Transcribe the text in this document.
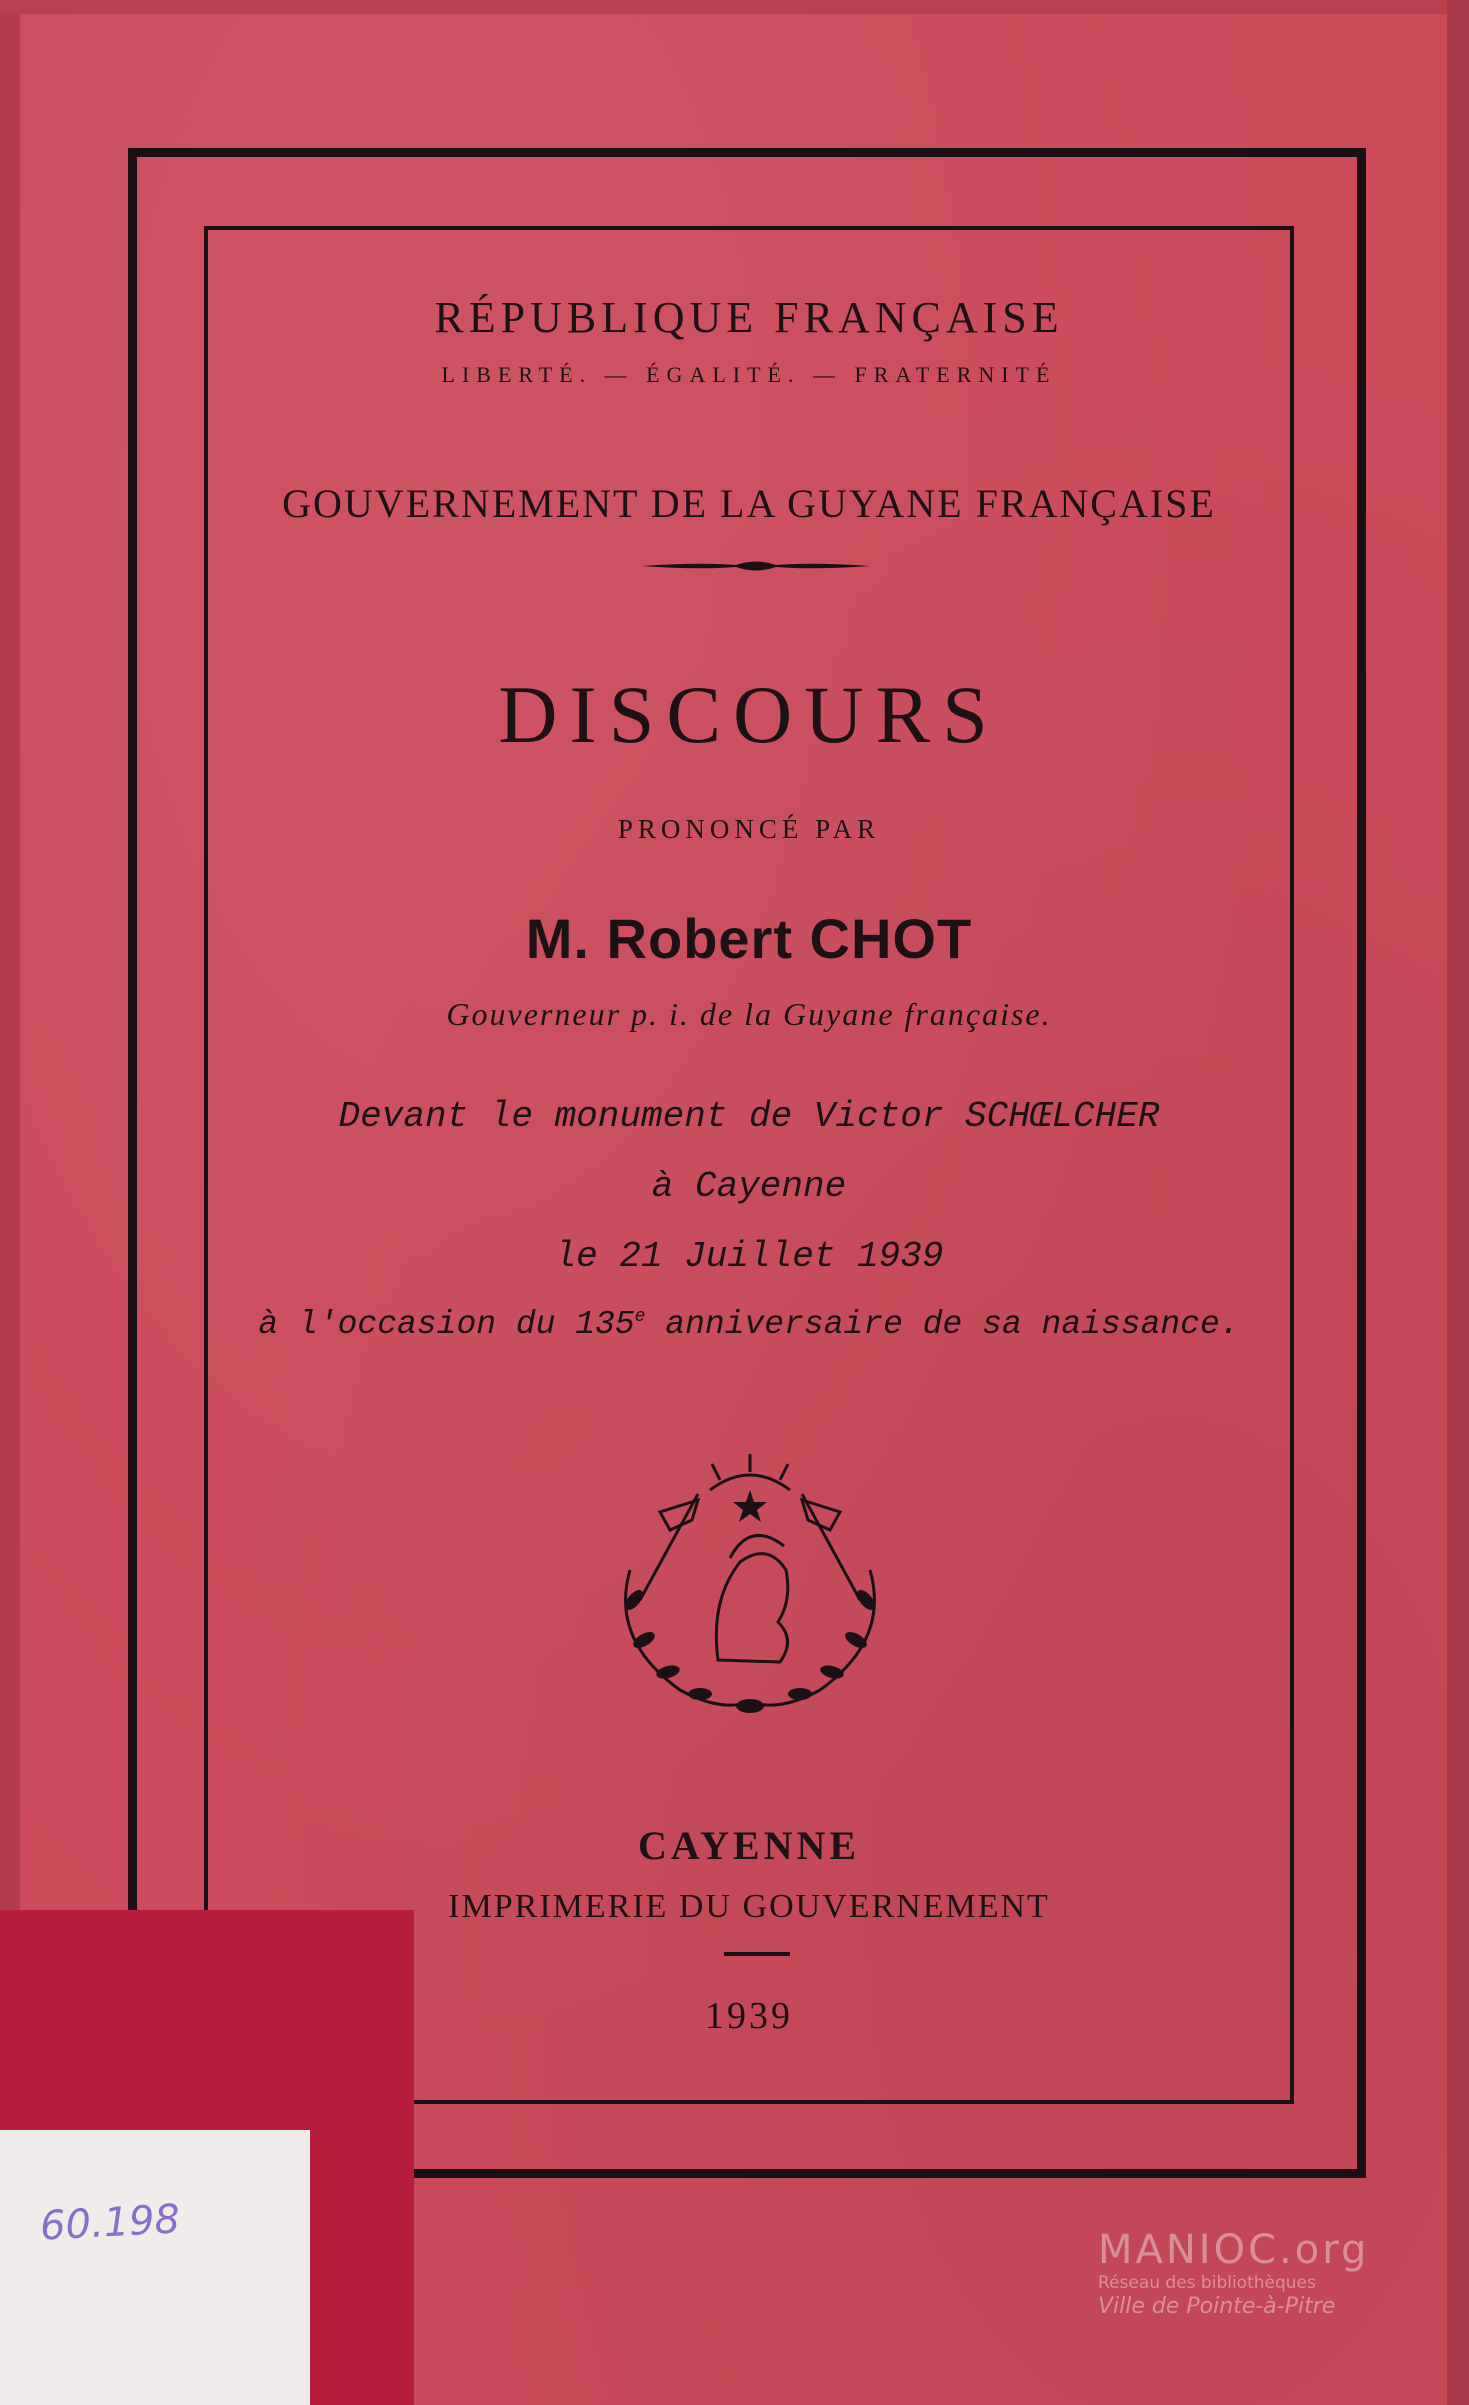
RÉPUBLIQUE FRANÇAISE
LIBERTÉ. — ÉGALITÉ. — FRATERNITÉ
GOUVERNEMENT DE LA GUYANE FRANÇAISE
DISCOURS
PRONONCÉ PAR
M. Robert CHOT
Gouverneur p. i. de la Guyane française.
Devant le monument de Victor SCHŒLCHER
à Cayenne
le 21 Juillet 1939
à l'occasion du 135e anniversaire de sa naissance.
CAYENNE
IMPRIMERIE DU GOUVERNEMENT
1939
60.198
MANIOC.org
Réseau des bibliothèques
Ville de Pointe-à-Pitre
